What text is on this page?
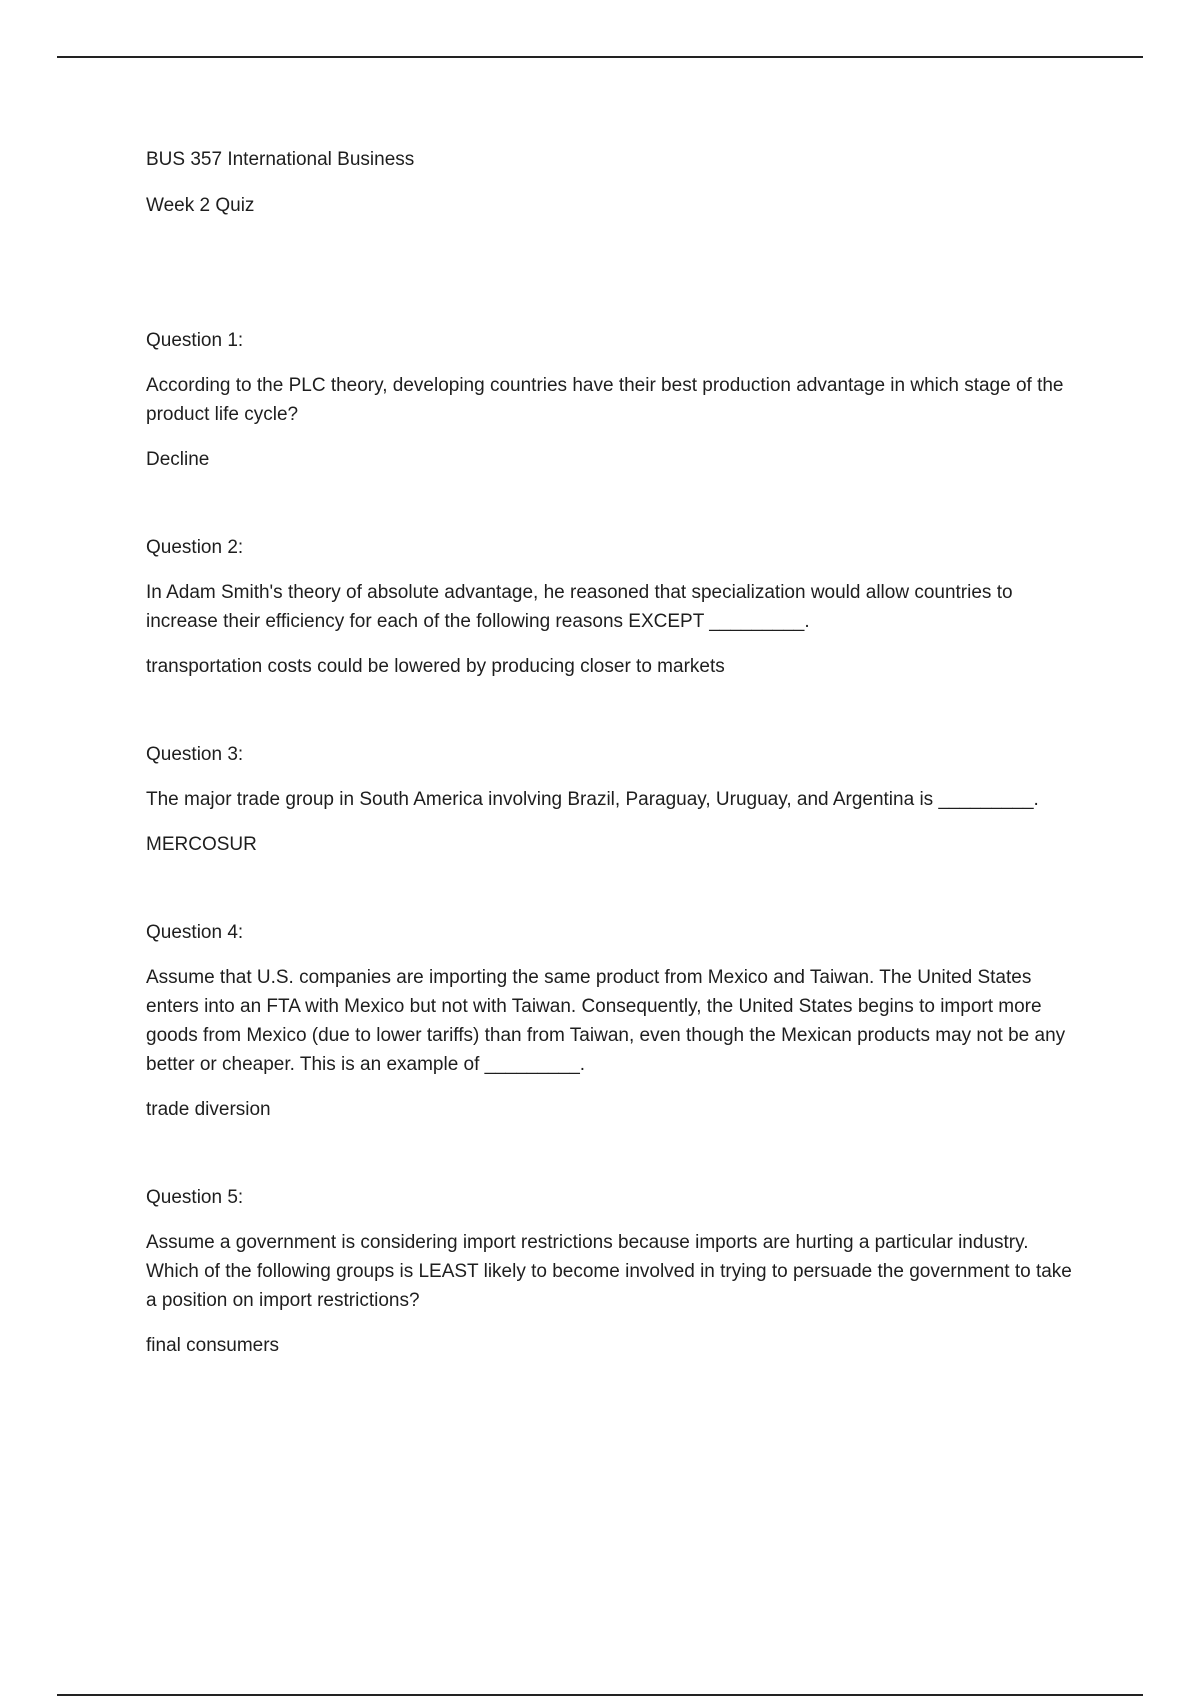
BUS 357 International Business

Week 2 Quiz

Question 1:

According to the PLC theory, developing countries have their best production advantage in which stage of the product life cycle?

Decline

Question 2:

In Adam Smith's theory of absolute advantage, he reasoned that specialization would allow countries to increase their efficiency for each of the following reasons EXCEPT _________.

transportation costs could be lowered by producing closer to markets

Question 3:

The major trade group in South America involving Brazil, Paraguay, Uruguay, and Argentina is _________.

MERCOSUR

Question 4:

Assume that U.S. companies are importing the same product from Mexico and Taiwan. The United States enters into an FTA with Mexico but not with Taiwan. Consequently, the United States begins to import more goods from Mexico (due to lower tariffs) than from Taiwan, even though the Mexican products may not be any better or cheaper. This is an example of _________.

trade diversion

Question 5:

Assume a government is considering import restrictions because imports are hurting a particular industry. Which of the following groups is LEAST likely to become involved in trying to persuade the government to take a position on import restrictions?

final consumers
